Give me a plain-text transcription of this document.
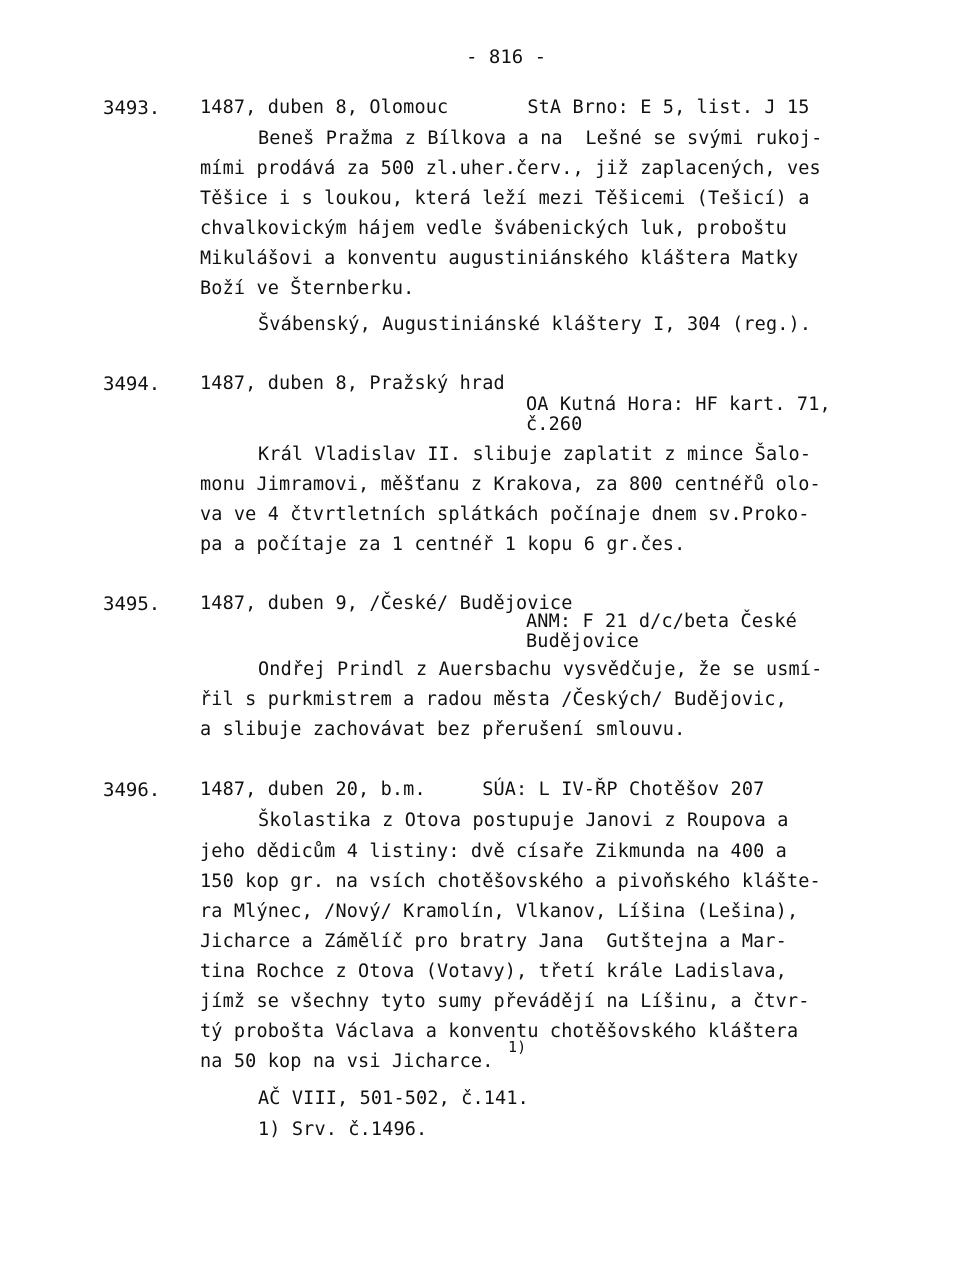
- 816 -
3493. 1487, duben 8, Olomouc       StA Brno: E 5, list. J 15
Beneš Pražma z Bílkova a na  Lešné se svými rukoj-
mími prodává za 500 zl.uher.červ., již zaplacených, ves
Těšice i s loukou, která leží mezi Těšicemi (Tešicí) a
chvalkovickým hájem vedle švábenických luk, proboštu
Mikulášovi a konventu augustiniánského kláštera Matky
Boží ve Šternberku.
Švábenský, Augustiniánské kláštery I, 304 (reg.).
3494. 1487, duben 8, Pražský hrad
OA Kutná Hora: HF kart. 71,
č.260
Král Vladislav II. slibuje zaplatit z mince Šalo-
monu Jimramovi, měšťanu z Krakova, za 800 centnéřů olo-
va ve 4 čtvrtletních splátkách počínaje dnem sv.Proko-
pa a počítaje za 1 centnéř 1 kopu 6 gr.čes.
3495. 1487, duben 9, /České/ Budějovice
ANM: F 21 d/c/beta České
Budějovice
Ondřej Prindl z Auersbachu vysvědčuje, že se usmí-
řil s purkmistrem a radou města /Českých/ Budějovic,
a slibuje zachovávat bez přerušení smlouvu.
3496. 1487, duben 20, b.m.     SÚA: L IV-ŘP Chotěšov 207
Školastika z Otova postupuje Janovi z Roupova a
jeho dědicům 4 listiny: dvě císaře Zikmunda na 400 a
150 kop gr. na vsích chotěšovského a pivoňského kláštе-
ra Mlýnec, /Nový/ Kramolín, Vlkanov, Líšina (Lešina),
Jicharce a Zámělíč pro bratry Jana  Gutštejna a Mar-
tina Rochce z Otova (Votavy), třetí krále Ladislava,
jímž se všechny tyto sumy převádějí na Líšinu, a čtvr-
tý probošta Václava a konventu chotěšovského kláštera
na 50 kop na vsi Jicharce.
1)
AČ VIII, 501-502, č.141.
1) Srv. č.1496.
